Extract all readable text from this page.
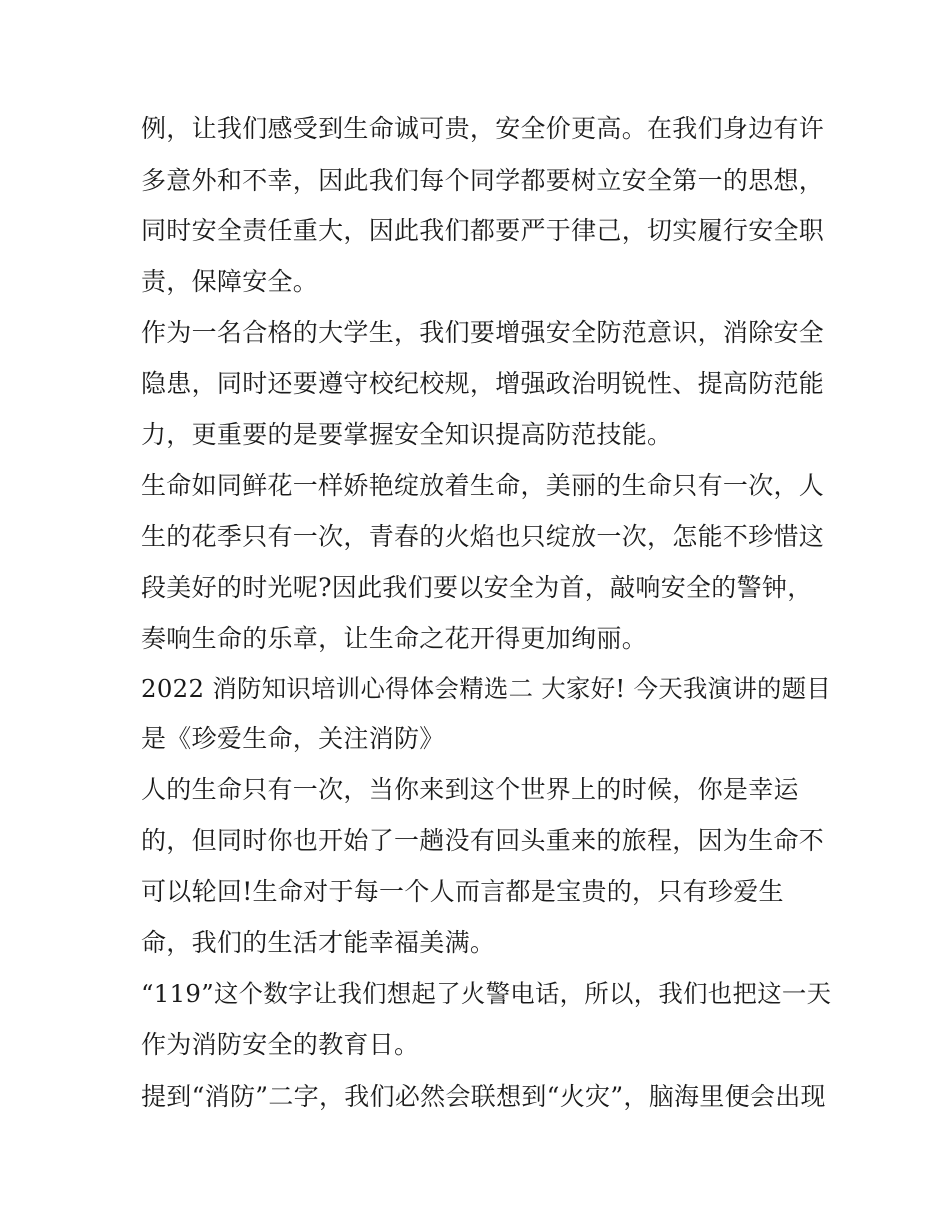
例，让我们感受到生命诚可贵，安全价更高。在我们身边有许
多意外和不幸，因此我们每个同学都要树立安全第一的思想，
同时安全责任重大，因此我们都要严于律己，切实履行安全职
责，保障安全。
作为一名合格的大学生，我们要增强安全防范意识，消除安全
隐患，同时还要遵守校纪校规，增强政治明锐性、提高防范能
力，更重要的是要掌握安全知识提高防范技能。
生命如同鲜花一样娇艳绽放着生命，美丽的生命只有一次，人
生的花季只有一次，青春的火焰也只绽放一次，怎能不珍惜这
段美好的时光呢?因此我们要以安全为首，敲响安全的警钟，
奏响生命的乐章，让生命之花开得更加绚丽。
2022 消防知识培训心得体会精选二 大家好! 今天我演讲的题目
是《珍爱生命，关注消防》
人的生命只有一次，当你来到这个世界上的时候，你是幸运
的，但同时你也开始了一趟没有回头重来的旅程，因为生命不
可以轮回!生命对于每一个人而言都是宝贵的，只有珍爱生
命，我们的生活才能幸福美满。
“119”这个数字让我们想起了火警电话，所以，我们也把这一天
作为消防安全的教育日。
提到“消防”二字，我们必然会联想到“火灾”，脑海里便会出现
